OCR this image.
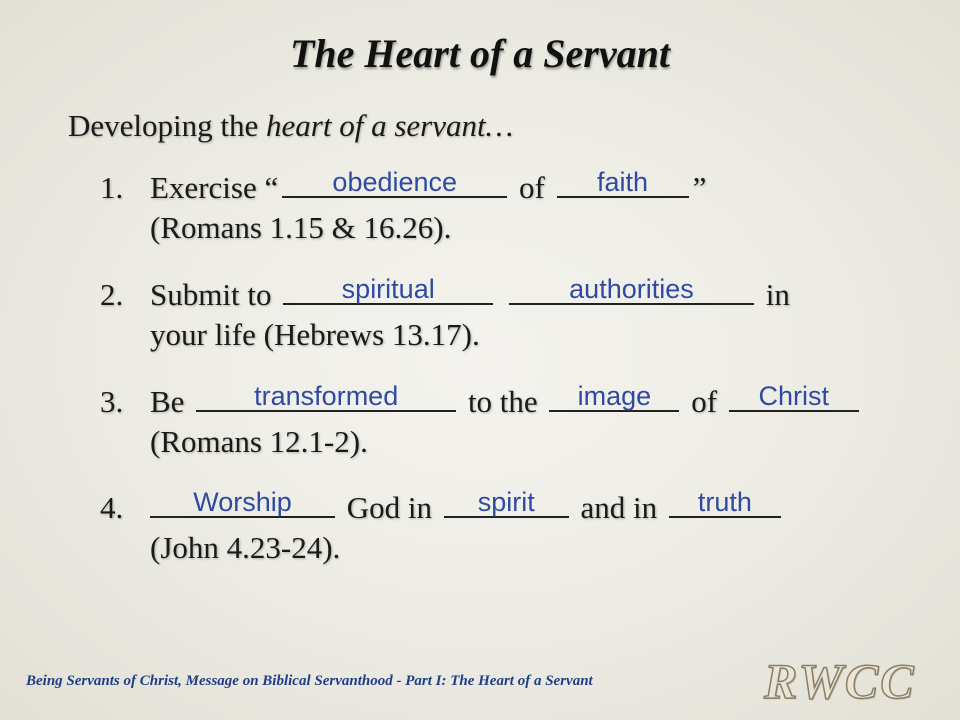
The Heart of a Servant
Developing the heart of a servant…
1. Exercise “	obedience	of	faith	”
(Romans 1.15 & 16.26).
2. Submit to	spiritual
	authorities	in
your life (Hebrews 13.17).
3. Be	transformed	to the	image	of	Christ
(Romans 12.1-2).
4.	Worship	God in	spirit	and in	truth
(John 4.23-24).
Being Servants of Christ, Message on Biblical Servanthood - Part I: The Heart of a Servant	RWCC
